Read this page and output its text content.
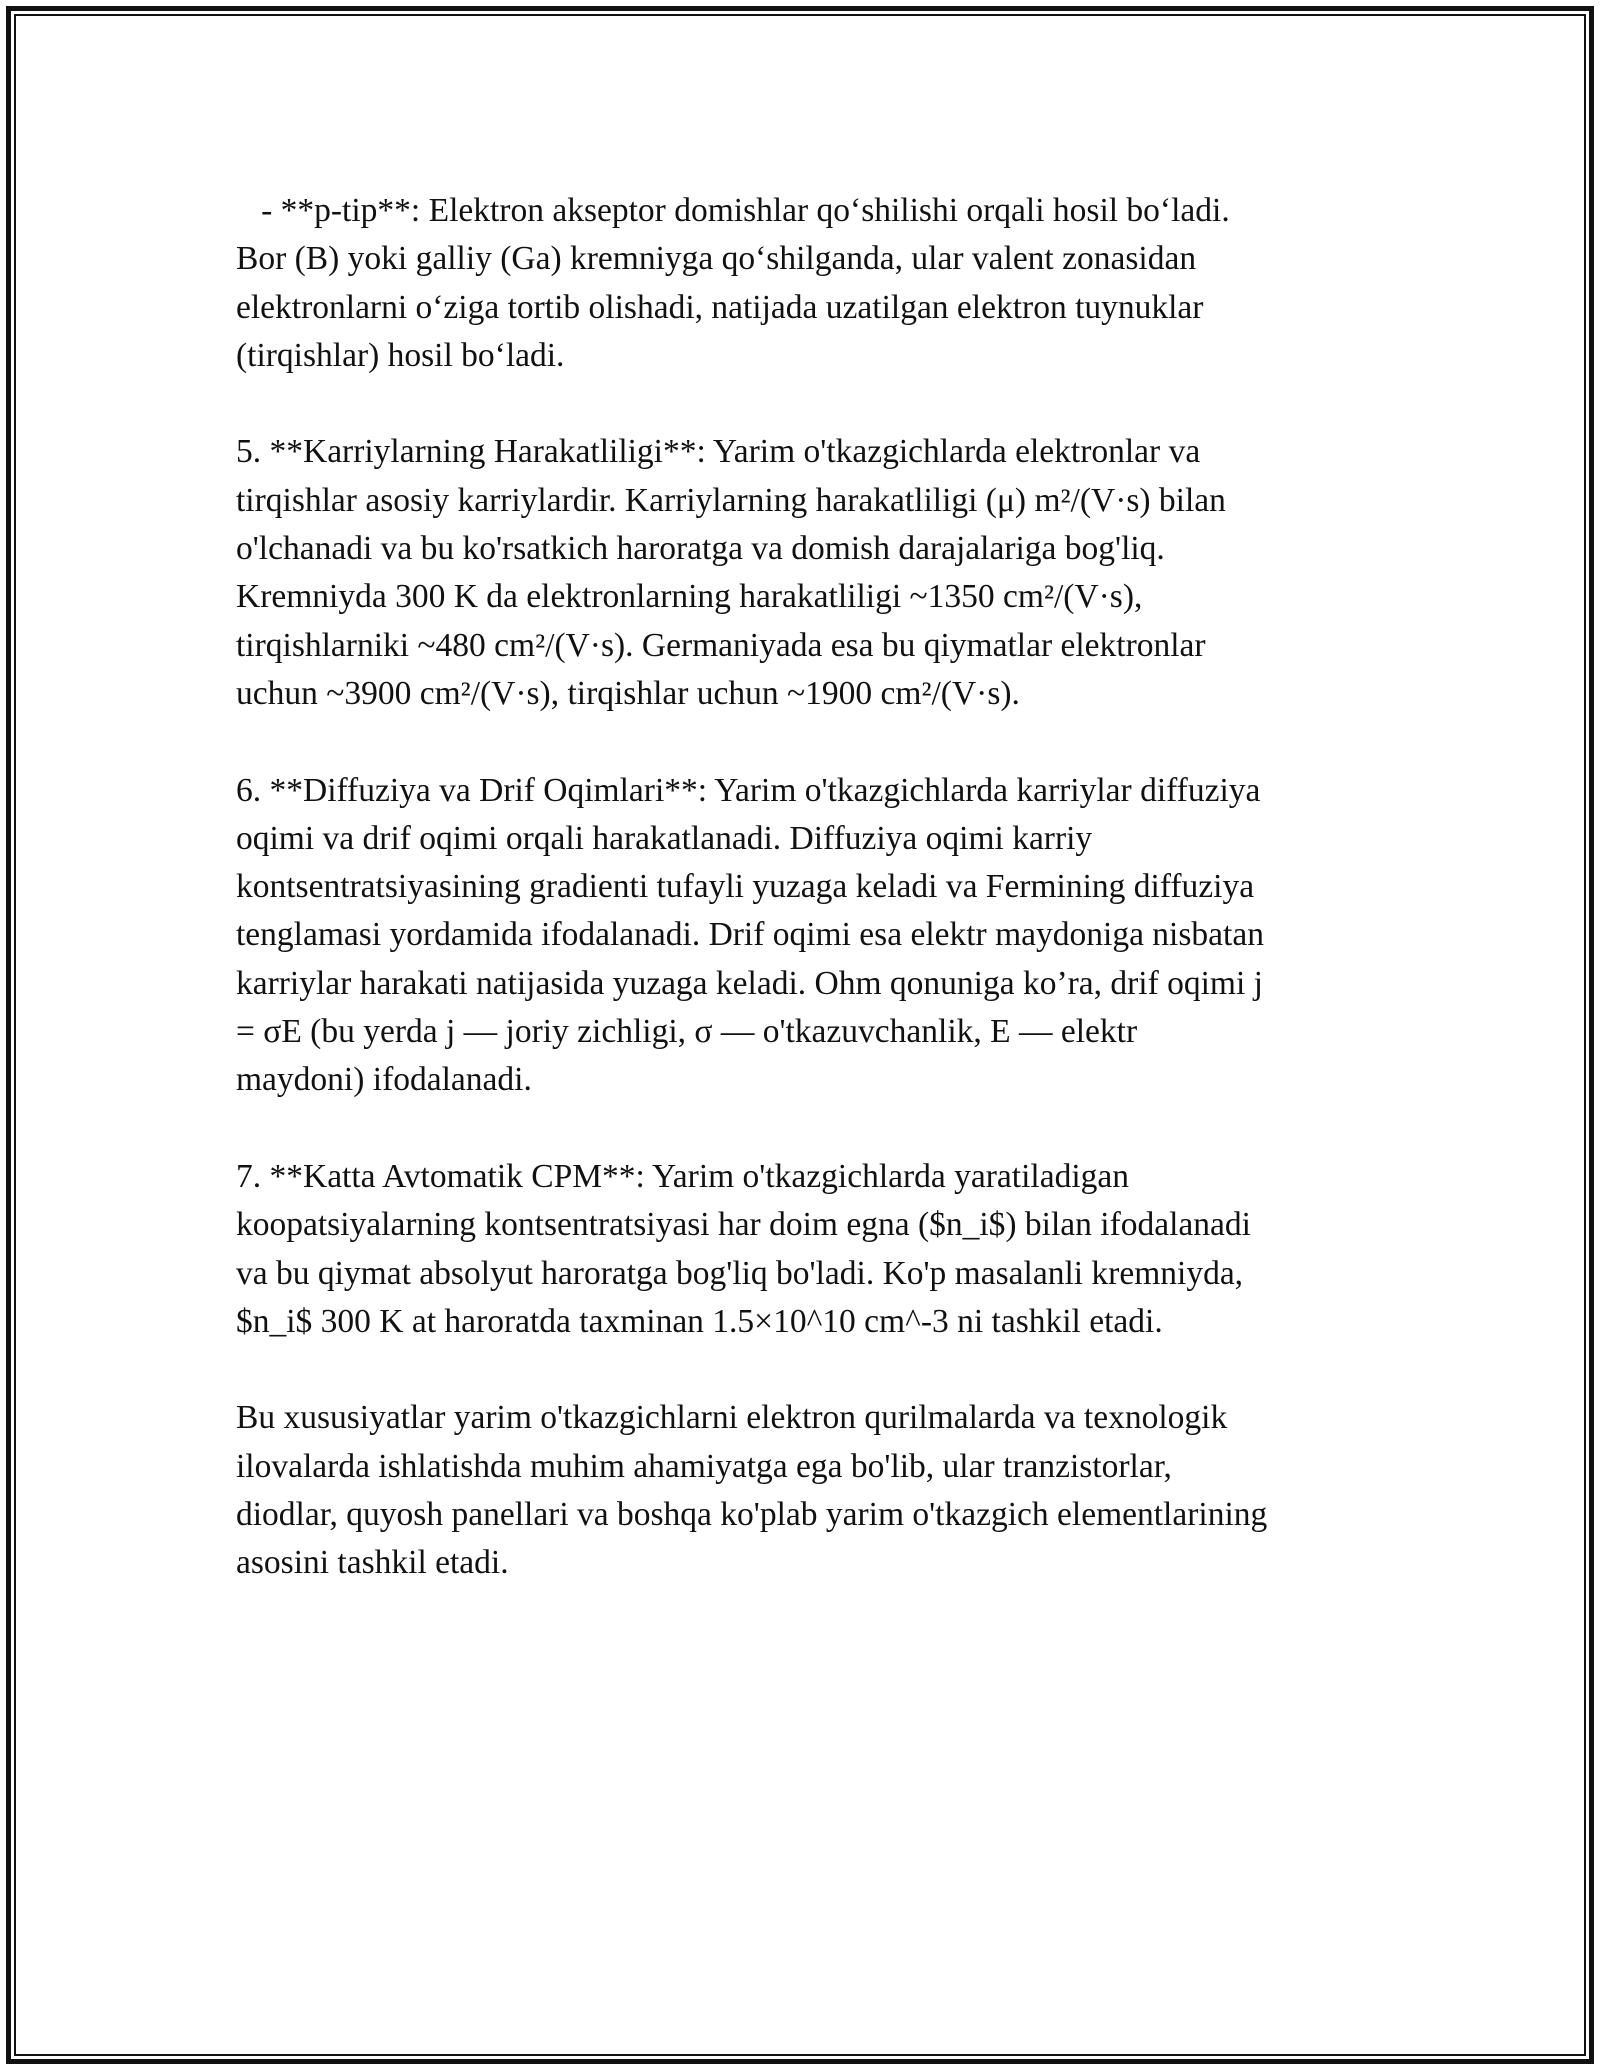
- **p-tip**: Elektron akseptor domishlar qo‘shilishi orqali hosil bo‘ladi.
Bor (B) yoki galliy (Ga) kremniyga qo‘shilganda, ular valent zonasidan
elektronlarni o‘ziga tortib olishadi, natijada uzatilgan elektron tuynuklar
(tirqishlar) hosil bo‘ladi.

5. **Karriylarning Harakatliligi**: Yarim o'tkazgichlarda elektronlar va
tirqishlar asosiy karriylardir. Karriylarning harakatliligi (μ) m²/(V·s) bilan
o'lchanadi va bu ko'rsatkich haroratga va domish darajalariga bog'liq.
Kremniyda 300 K da elektronlarning harakatliligi ~1350 cm²/(V·s),
tirqishlarniki ~480 cm²/(V·s). Germaniyada esa bu qiymatlar elektronlar
uchun ~3900 cm²/(V·s), tirqishlar uchun ~1900 cm²/(V·s).

6. **Diffuziya va Drif Oqimlari**: Yarim o'tkazgichlarda karriylar diffuziya
oqimi va drif oqimi orqali harakatlanadi. Diffuziya oqimi karriy
kontsentratsiyasining gradienti tufayli yuzaga keladi va Fermining diffuziya
tenglamasi yordamida ifodalanadi. Drif oqimi esa elektr maydoniga nisbatan
karriylar harakati natijasida yuzaga keladi. Ohm qonuniga ko’ra, drif oqimi j
= σE (bu yerda j — joriy zichligi, σ — o'tkazuvchanlik, E — elektr
maydoni) ifodalanadi.

7. **Katta Avtomatik CPM**: Yarim o'tkazgichlarda yaratiladigan
koopatsiyalarning kontsentratsiyasi har doim egna ($n_i$) bilan ifodalanadi
va bu qiymat absolyut haroratga bog'liq bo'ladi. Ko'p masalanli kremniyda,
$n_i$ 300 K at haroratda taxminan 1.5×10^10 cm^-3 ni tashkil etadi.

Bu xususiyatlar yarim o'tkazgichlarni elektron qurilmalarda va texnologik
ilovalarda ishlatishda muhim ahamiyatga ega bo'lib, ular tranzistorlar,
diodlar, quyosh panellari va boshqa ko'plab yarim o'tkazgich elementlarining
asosini tashkil etadi.
